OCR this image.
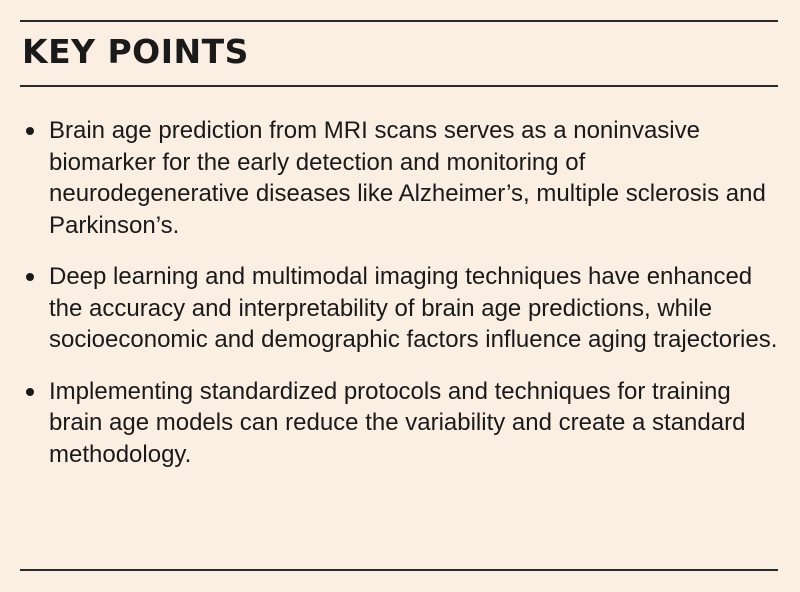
KEY POINTS
Brain age prediction from MRI scans serves as a noninvasive biomarker for the early detection and monitoring of neurodegenerative diseases like Alzheimer’s, multiple sclerosis and Parkinson’s.
Deep learning and multimodal imaging techniques have enhanced the accuracy and interpretability of brain age predictions, while socioeconomic and demographic factors influence aging trajectories.
Implementing standardized protocols and techniques for training brain age models can reduce the variability and create a standard methodology.
